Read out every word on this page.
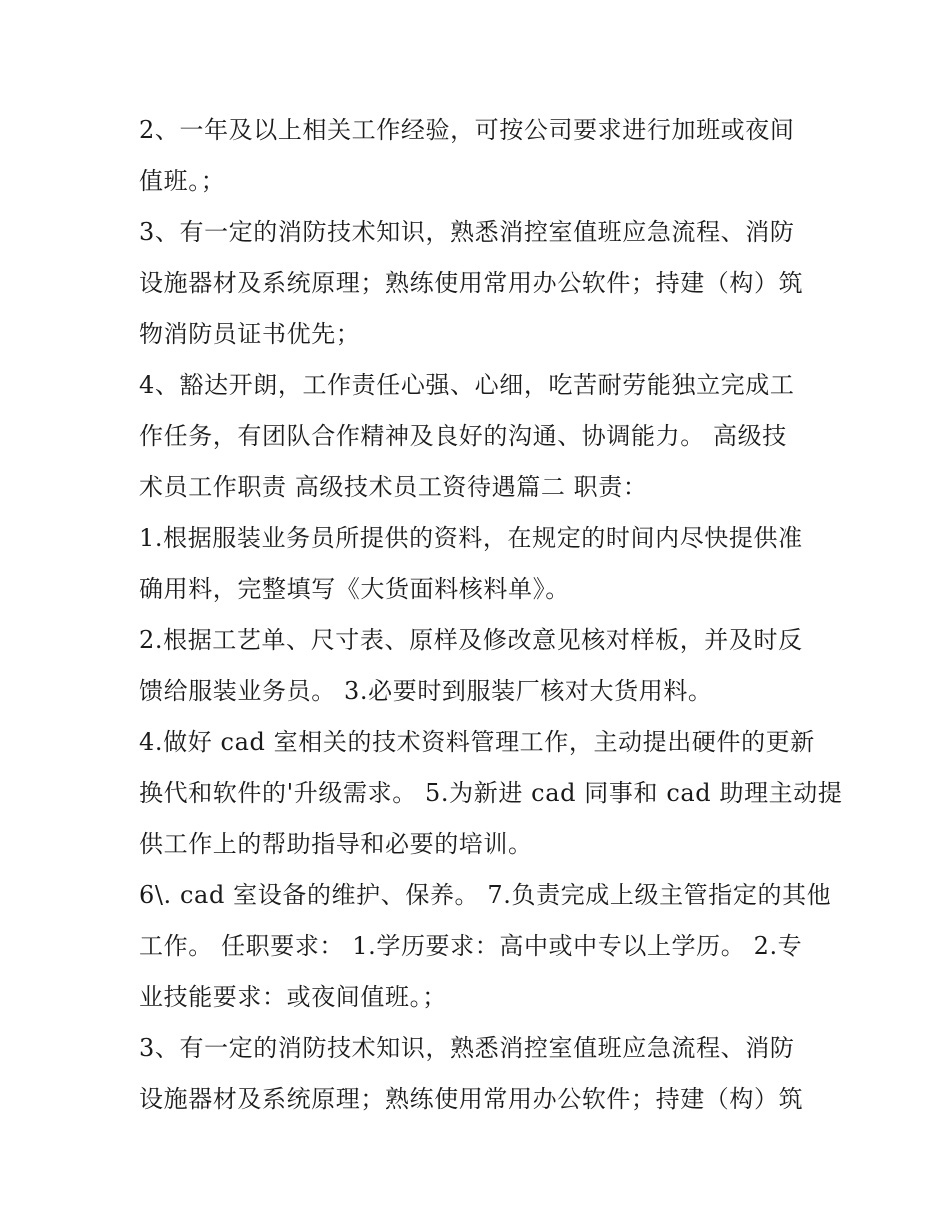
2、一年及以上相关工作经验，可按公司要求进行加班或夜间
值班。；
3、有一定的消防技术知识，熟悉消控室值班应急流程、消防
设施器材及系统原理；熟练使用常用办公软件；持建（构）筑
物消防员证书优先；
4、豁达开朗，工作责任心强、心细，吃苦耐劳能独立完成工
作任务，有团队合作精神及良好的沟通、协调能力。 高级技
术员工作职责 高级技术员工资待遇篇二 职责：
1.根据服装业务员所提供的资料，在规定的时间内尽快提供准
确用料，完整填写《大货面料核料单》。
2.根据工艺单、尺寸表、原样及修改意见核对样板，并及时反
馈给服装业务员。 3.必要时到服装厂核对大货用料。
4.做好 cad 室相关的技术资料管理工作，主动提出硬件的更新
换代和软件的'升级需求。 5.为新进 cad 同事和 cad 助理主动提
供工作上的帮助指导和必要的培训。
6\. cad 室设备的维护、保养。 7.负责完成上级主管指定的其他
工作。 任职要求： 1.学历要求：高中或中专以上学历。 2.专
业技能要求：或夜间值班。；
3、有一定的消防技术知识，熟悉消控室值班应急流程、消防
设施器材及系统原理；熟练使用常用办公软件；持建（构）筑
